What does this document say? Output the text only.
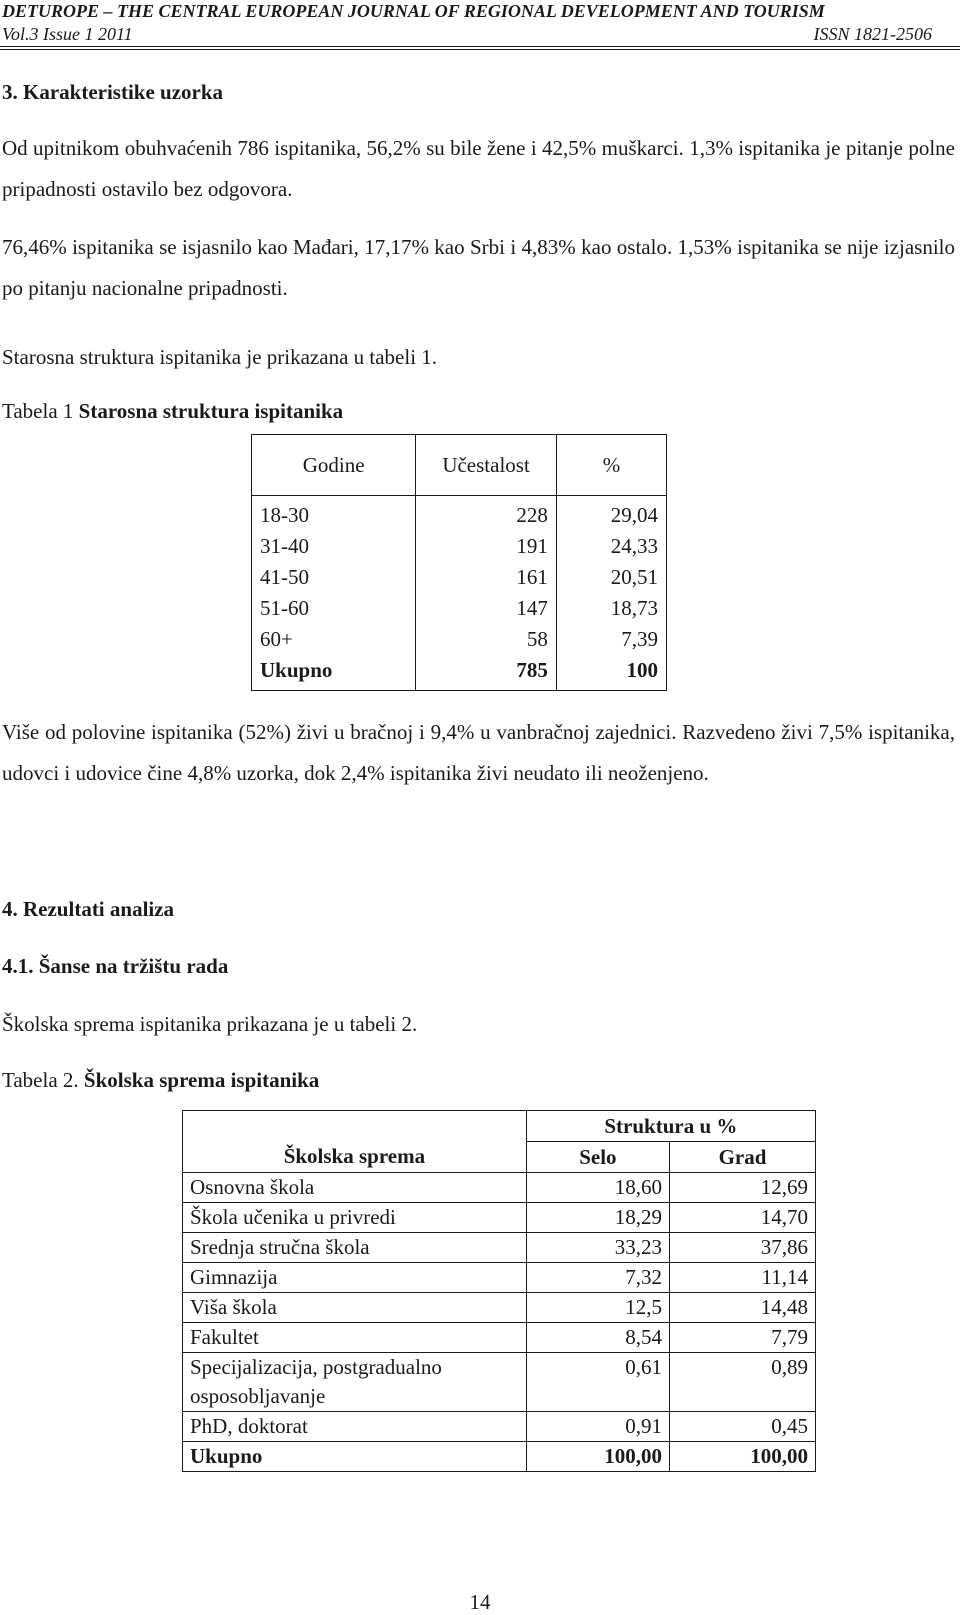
DETUROPE – THE CENTRAL EUROPEAN JOURNAL OF REGIONAL DEVELOPMENT AND TOURISM
Vol.3 Issue 1 2011	ISSN 1821-2506
3. Karakteristike uzorka
Od upitnikom obuhvaćenih 786 ispitanika, 56,2% su bile žene i 42,5% muškarci. 1,3% ispitanika je pitanje polne pripadnosti ostavilo bez odgovora.
76,46% ispitanika se isjasnilo kao Mađari, 17,17% kao Srbi i 4,83% kao ostalo. 1,53% ispitanika se nije izjasnilo po pitanju nacionalne pripadnosti.
Starosna struktura ispitanika je prikazana u tabeli 1.
Tabela 1 Starosna struktura ispitanika
Godine	Učestalost	%
18-30	228	29,04
31-40	191	24,33
41-50	161	20,51
51-60	147	18,73
60+	58	7,39
Ukupno	785	100
Više od polovine ispitanika (52%) živi u bračnoj i 9,4% u vanbračnoj zajednici. Razvedeno živi 7,5% ispitanika, udovci i udovice čine 4,8% uzorka, dok 2,4% ispitanika živi neudato ili neoženjeno.
4. Rezultati analiza
4.1. Šanse na tržištu rada
Školska sprema ispitanika prikazana je u tabeli 2.
Tabela 2. Školska sprema ispitanika
	Struktura u %	
Školska sprema	Selo	Grad
Osnovna škola	18,60	12,69
Škola učenika u privredi	18,29	14,70
Srednja stručna škola	33,23	37,86
Gimnazija	7,32	11,14
Viša škola	12,5	14,48
Fakultet	8,54	7,79
Specijalizacija, postgradualno osposobljavanje	0,61	0,89
PhD, doktorat	0,91	0,45
Ukupno	100,00	100,00
14
